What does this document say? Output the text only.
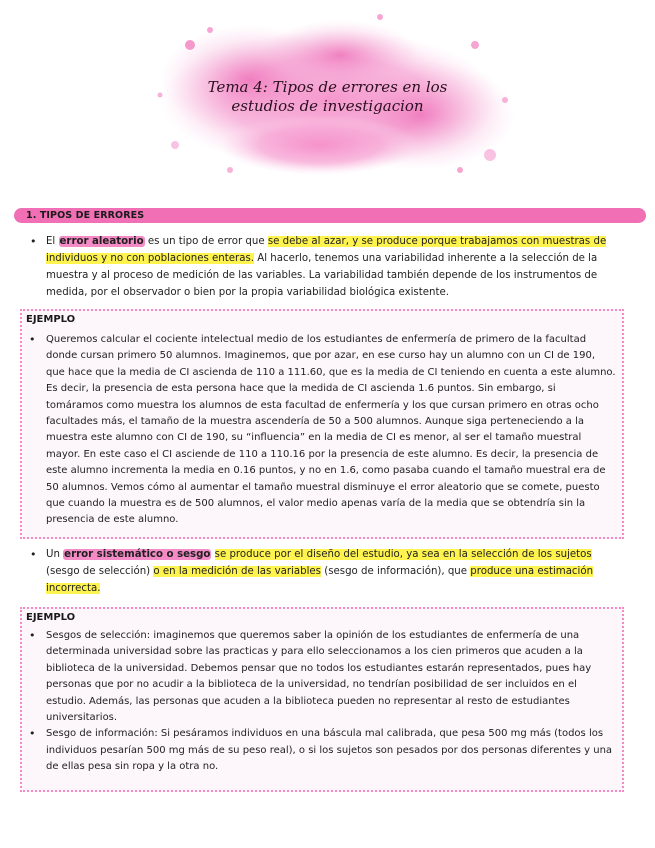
Tema 4: Tipos de errores en los
estudios de investigacion
1. TIPOS DE ERRORES
• El error aleatorio es un tipo de error que se debe al azar, y se produce porque trabajamos con muestras de individuos y no con poblaciones enteras. Al hacerlo, tenemos una variabilidad inherente a la selección de la muestra y al proceso de medición de las variables. La variabilidad también depende de los instrumentos de medida, por el observador o bien por la propia variabilidad biológica existente.
EJEMPLO
• Queremos calcular el cociente intelectual medio de los estudiantes de enfermería de primero de la facultad donde cursan primero 50 alumnos. Imaginemos, que por azar, en ese curso hay un alumno con un CI de 190, que hace que la media de CI ascienda de 110 a 111.60, que es la media de CI teniendo en cuenta a este alumno. Es decir, la presencia de esta persona hace que la medida de CI ascienda 1.6 puntos. Sin embargo, si tomáramos como muestra los alumnos de esta facultad de enfermería y los que cursan primero en otras ocho facultades más, el tamaño de la muestra ascendería de 50 a 500 alumnos. Aunque siga perteneciendo a la muestra este alumno con CI de 190, su “influencia” en la media de CI es menor, al ser el tamaño muestral mayor. En este caso el CI asciende de 110 a 110.16 por la presencia de este alumno. Es decir, la presencia de este alumno incrementa la media en 0.16 puntos, y no en 1.6, como pasaba cuando el tamaño muestral era de 50 alumnos. Vemos cómo al aumentar el tamaño muestral disminuye el error aleatorio que se comete, puesto que cuando la muestra es de 500 alumnos, el valor medio apenas varía de la media que se obtendría sin la presencia de este alumno.
• Un error sistemático o sesgo se produce por el diseño del estudio, ya sea en la selección de los sujetos (sesgo de selección) o en la medición de las variables (sesgo de información), que produce una estimación incorrecta.
EJEMPLO
• Sesgos de selección: imaginemos que queremos saber la opinión de los estudiantes de enfermería de una determinada universidad sobre las practicas y para ello seleccionamos a los cien primeros que acuden a la biblioteca de la universidad. Debemos pensar que no todos los estudiantes estarán representados, pues hay personas que por no acudir a la biblioteca de la universidad, no tendrían posibilidad de ser incluidos en el estudio. Además, las personas que acuden a la biblioteca pueden no representar al resto de estudiantes universitarios.
• Sesgo de información: Si pesáramos individuos en una báscula mal calibrada, que pesa 500 mg más (todos los individuos pesarían 500 mg más de su peso real), o si los sujetos son pesados por dos personas diferentes y una de ellas pesa sin ropa y la otra no.
